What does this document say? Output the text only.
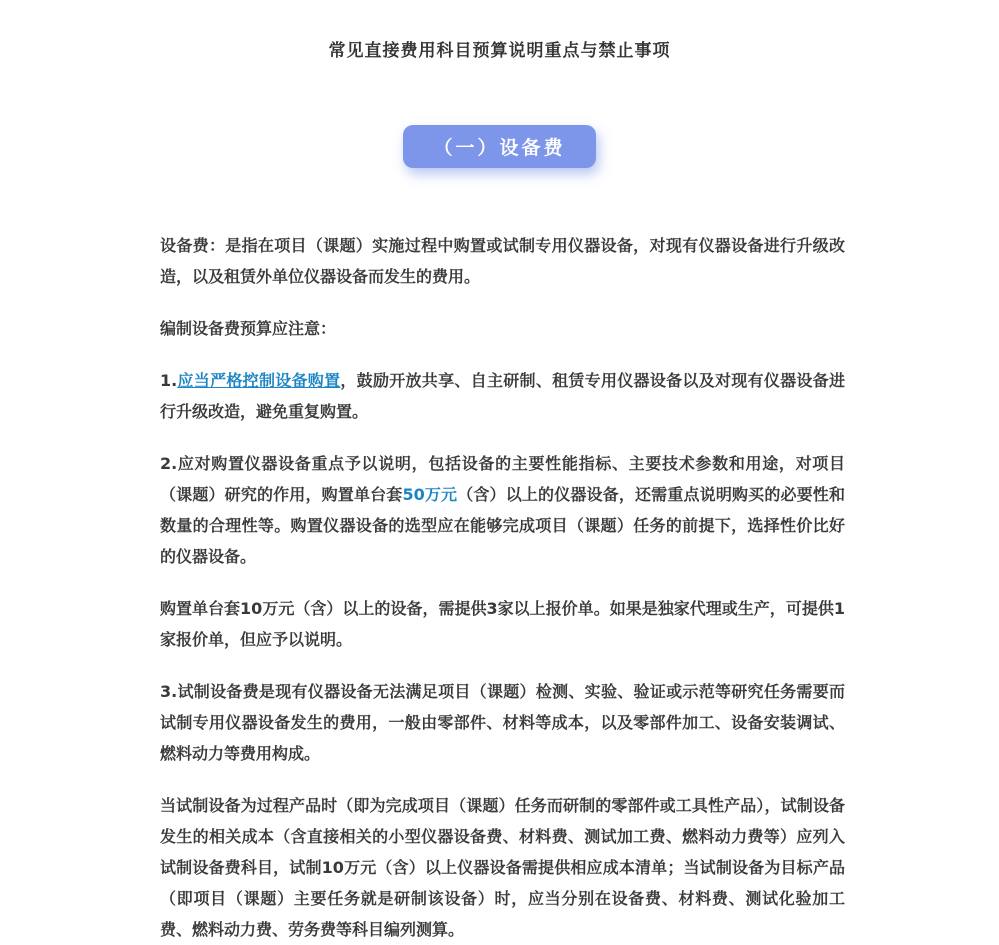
常见直接费用科目预算说明重点与禁止事项
（一）设备费

设备费：是指在项目（课题）实施过程中购置或试制专用仪器设备，对现有仪器设备进行升级改造，以及租赁外单位仪器设备而发生的费用。

编制设备费预算应注意：

1.应当严格控制设备购置，鼓励开放共享、自主研制、租赁专用仪器设备以及对现有仪器设备进行升级改造，避免重复购置。

2.应对购置仪器设备重点予以说明，包括设备的主要性能指标、主要技术参数和用途，对项目（课题）研究的作用，购置单台套50万元（含）以上的仪器设备，还需重点说明购买的必要性和数量的合理性等。购置仪器设备的选型应在能够完成项目（课题）任务的前提下，选择性价比好的仪器设备。

购置单台套10万元（含）以上的设备，需提供3家以上报价单。如果是独家代理或生产，可提供1家报价单，但应予以说明。

3.试制设备费是现有仪器设备无法满足项目（课题）检测、实验、验证或示范等研究任务需要而试制专用仪器设备发生的费用，一般由零部件、材料等成本，以及零部件加工、设备安装调试、燃料动力等费用构成。

当试制设备为过程产品时（即为完成项目（课题）任务而研制的零部件或工具性产品），试制设备发生的相关成本（含直接相关的小型仪器设备费、材料费、测试加工费、燃料动力费等）应列入试制设备费科目，试制10万元（含）以上仪器设备需提供相应成本清单；当试制设备为目标产品（即项目（课题）主要任务就是研制该设备）时，应当分别在设备费、材料费、测试化验加工费、燃料动力费、劳务费等科目编列测算。
